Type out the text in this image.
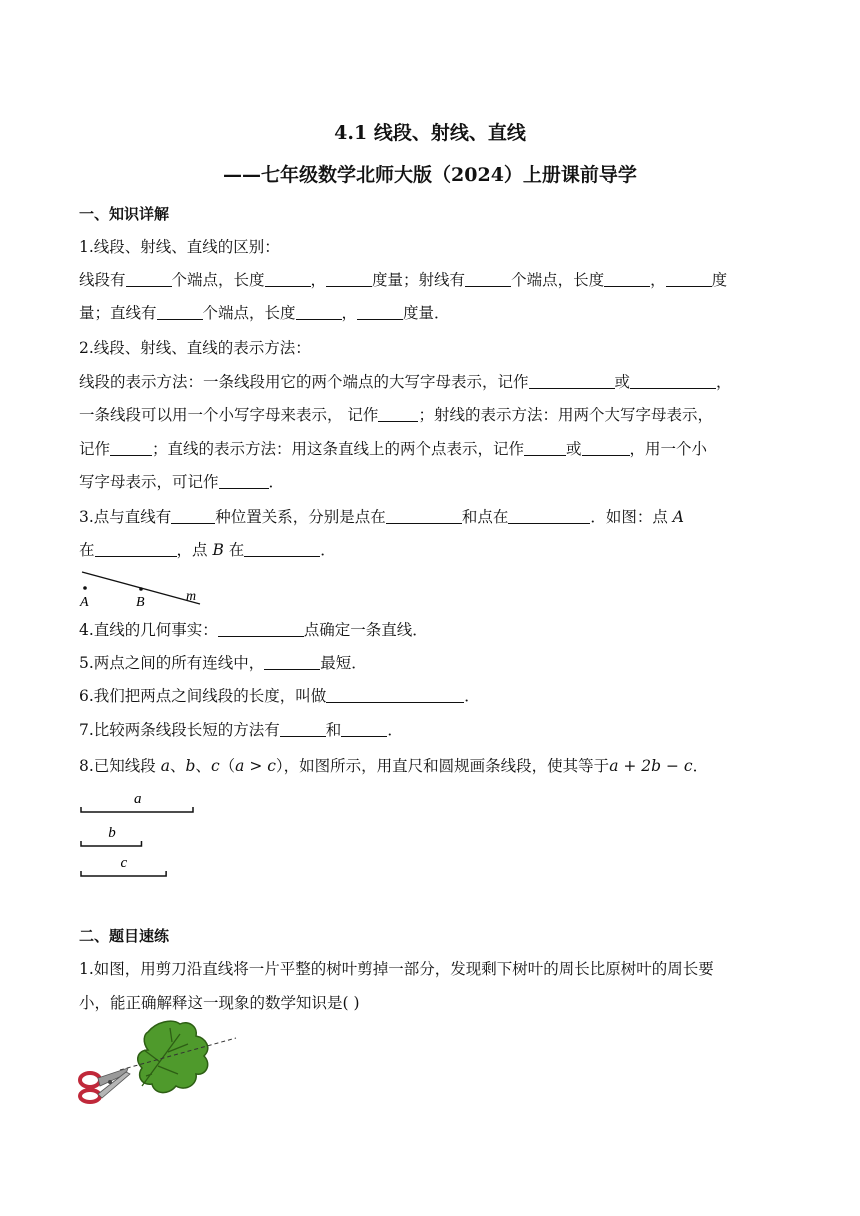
4.1 线段、射线、直线
——七年级数学北师大版（2024）上册课前导学
一、知识详解
1.线段、射线、直线的区别：
线段有	个端点，长度	，	度量；射线有	个端点，长度	，	度
量；直线有	个端点，长度	，	度量．
2.线段、射线、直线的表示方法：
线段的表示方法：一条线段用它的两个端点的大写字母表示，记作	或	，
一条线段可以用一个小写字母来表示， 记作	；射线的表示方法：用两个大写字母表示，
记作	；直线的表示方法：用这条直线上的两个点表示，记作	或	，用一个小
写字母表示，可记作	．
3.点与直线有	种位置关系，分别是点在	和点在	．如图：点 A
在	，点 B 在	．
A	B	m
4.直线的几何事实：	点确定一条直线．
5.两点之间的所有连线中，	最短．
6.我们把两点之间线段的长度，叫做	．
7.比较两条线段长短的方法有	和	．
8.已知线段 a、b、c（a > c），如图所示，用直尺和圆规画条线段，使其等于a + 2b − c．
a
b
c
二、题目速练
1.如图，用剪刀沿直线将一片平整的树叶剪掉一部分，发现剩下树叶的周长比原树叶的周长要
小，能正确解释这一现象的数学知识是( )
